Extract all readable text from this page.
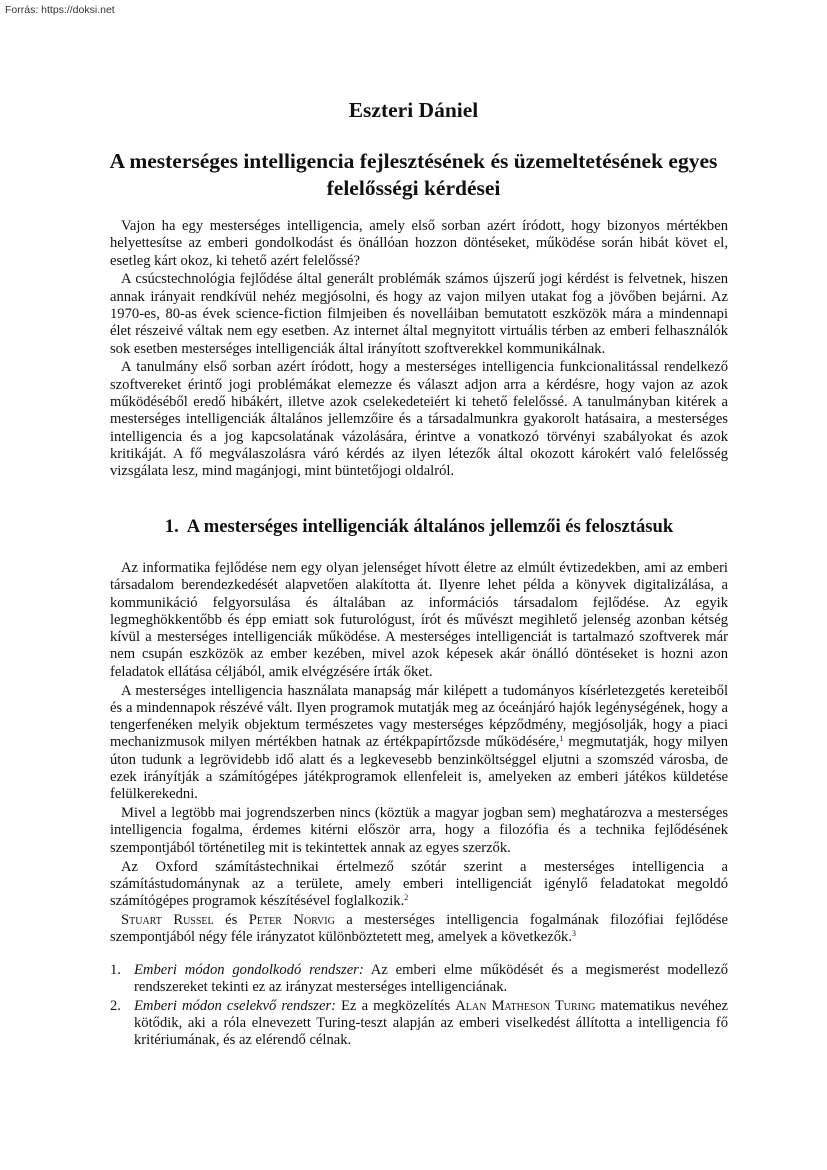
Forrás: https://doksi.net
Eszteri Dániel
A mesterséges intelligencia fejlesztésének és üzemeltetésének egyes felelősségi kérdései

Vajon ha egy mesterséges intelligencia, amely első sorban azért íródott, hogy bizonyos mértékben helyettesítse az emberi gondolkodást és önállóan hozzon döntéseket, működése során hibát követ el, esetleg kárt okoz, ki tehető azért felelőssé?

A csúcstechnológia fejlődése által generált problémák számos újszerű jogi kérdést is felvetnek, hiszen annak irányait rendkívül nehéz megjósolni, és hogy az vajon milyen utakat fog a jövőben bejárni. Az 1970-es, 80-as évek science-fiction filmjeiben és novelláiban bemutatott eszközök mára a mindennapi élet részeivé váltak nem egy esetben. Az internet által megnyitott virtuális térben az emberi felhasználók sok esetben mesterséges intelligenciák által irányított szoftverekkel kommunikálnak.

A tanulmány első sorban azért íródott, hogy a mesterséges intelligencia funkcionalitással rendelkező szoftvereket érintő jogi problémákat elemezze és választ adjon arra a kérdésre, hogy vajon az azok működéséből eredő hibákért, illetve azok cselekedeteiért ki tehető felelőssé. A tanulmányban kitérek a mesterséges intelligenciák általános jellemzőire és a társadalmunkra gyakorolt hatásaira, a mesterséges intelligencia és a jog kapcsolatának vázolására, érintve a vonatkozó törvényi szabályokat és azok kritikáját. A fő megválaszolásra váró kérdés az ilyen létezők által okozott károkért való felelősség vizsgálata lesz, mind magánjogi, mint büntetőjogi oldalról.

1. A mesterséges intelligenciák általános jellemzői és felosztásuk

Az informatika fejlődése nem egy olyan jelenséget hívott életre az elmúlt évtizedekben, ami az emberi társadalom berendezkedését alapvetően alakította át. Ilyenre lehet példa a könyvek digitalizálása, a kommunikáció felgyorsulása és általában az információs társadalom fejlődése. Az egyik legmeghökkentőbb és épp emiatt sok futurológust, írót és művészt megihlető jelenség azonban kétség kívül a mesterséges intelligenciák működése. A mesterséges intelligenciát is tartalmazó szoftverek már nem csupán eszközök az ember kezében, mivel azok képesek akár önálló döntéseket is hozni azon feladatok ellátása céljából, amik elvégzésére írták őket.

A mesterséges intelligencia használata manapság már kilépett a tudományos kísérletezgetés kereteiből és a mindennapok részévé vált. Ilyen programok mutatják meg az óceánjáró hajók legénységének, hogy a tengerfenéken melyik objektum természetes vagy mesterséges képződmény, megjósolják, hogy a piaci mechanizmusok milyen mértékben hatnak az értékpapírtőzsde működésére,$^1$ megmutatják, hogy milyen úton tudunk a legrövidebb idő alatt és a legkevesebb benzinköltséggel eljutni a szomszéd városba, de ezek irányítják a számítógépes játékprogramok ellenfeleit is, amelyeken az emberi játékos küldetése felülkerekedni.

Mivel a legtöbb mai jogrendszerben nincs (köztük a magyar jogban sem) meghatározva a mesterséges intelligencia fogalma, érdemes kitérni először arra, hogy a filozófia és a technika fejlődésének szempontjából történetileg mit is tekintettek annak az egyes szerzők.

Az Oxford számítástechnikai értelmező szótár szerint a mesterséges intelligencia a számítástudománynak az a területe, amely emberi intelligenciát igénylő feladatokat megoldó számítógépes programok készítésével foglalkozik.$^2$

Stuart Russel és Peter Norvig a mesterséges intelligencia fogalmának filozófiai fejlődése szempontjából négy féle irányzatot különböztetett meg, amelyek a következők.$^3$

1. Emberi módon gondolkodó rendszer: Az emberi elme működését és a megismerést modellező rendszereket tekinti ez az irányzat mesterséges intelligenciának.
2. Emberi módon cselekvő rendszer: Ez a megközelítés Alan Matheson Turing matematikus nevéhez kötődik, aki a róla elnevezett Turing-teszt alapján az emberi viselkedést állította a intelligencia fő kritériumának, és az elérendő célnak.
